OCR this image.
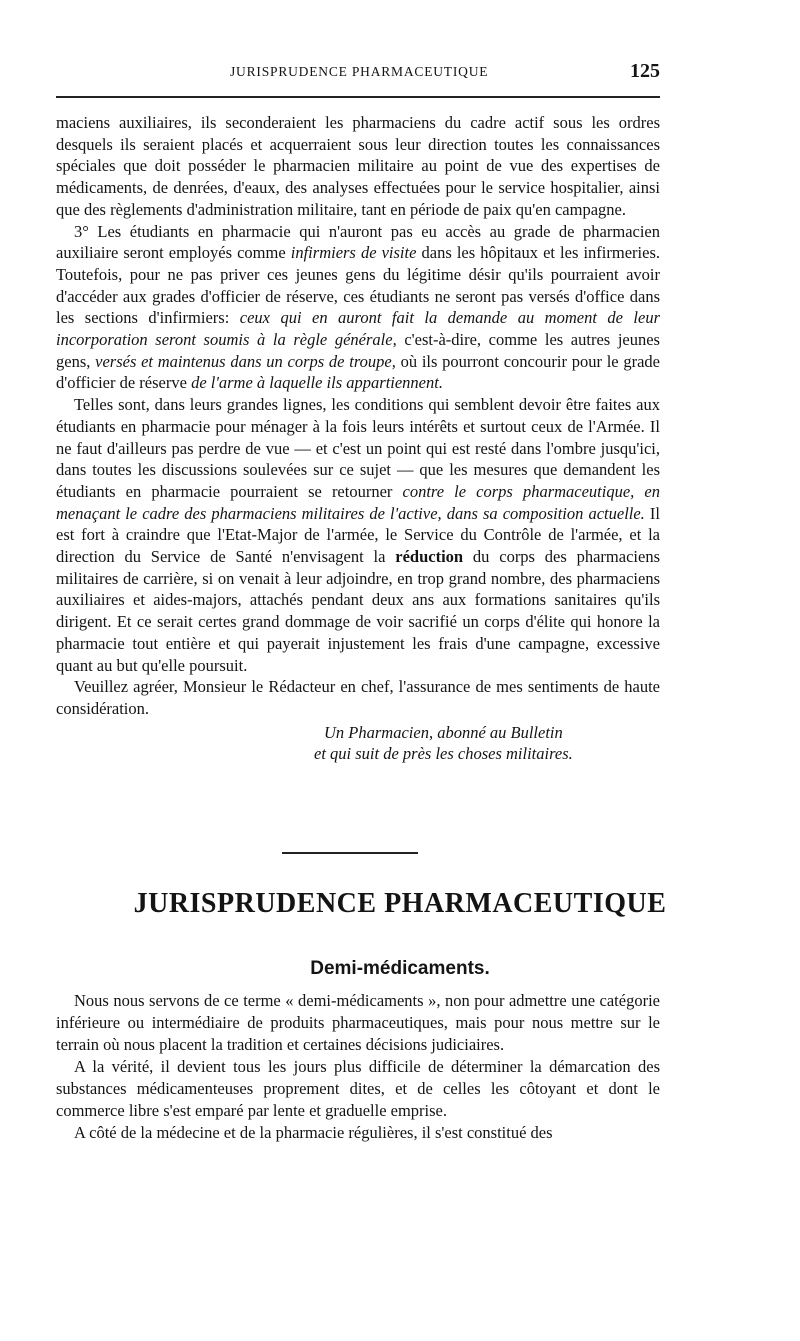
JURISPRUDENCE PHARMACEUTIQUE	125

maciens auxiliaires, ils seconderaient les pharmaciens du cadre actif sous les ordres desquels ils seraient placés et acquerraient sous leur direction toutes les connaissances spéciales que doit posséder le pharmacien militaire au point de vue des expertises de médicaments, de denrées, d'eaux, des analyses effectuées pour le service hospitalier, ainsi que des règlements d'administration militaire, tant en période de paix qu'en campagne.

3° Les étudiants en pharmacie qui n'auront pas eu accès au grade de pharmacien auxiliaire seront employés comme infirmiers de visite dans les hôpitaux et les infirmeries. Toutefois, pour ne pas priver ces jeunes gens du légitime désir qu'ils pourraient avoir d'accéder aux grades d'officier de réserve, ces étudiants ne seront pas versés d'office dans les sections d'infirmiers: ceux qui en auront fait la demande au moment de leur incorporation seront soumis à la règle générale, c'est-à-dire, comme les autres jeunes gens, versés et maintenus dans un corps de troupe, où ils pourront concourir pour le grade d'officier de réserve de l'arme à laquelle ils appartiennent.

Telles sont, dans leurs grandes lignes, les conditions qui semblent devoir être faites aux étudiants en pharmacie pour ménager à la fois leurs intérêts et surtout ceux de l'Armée. Il ne faut d'ailleurs pas perdre de vue — et c'est un point qui est resté dans l'ombre jusqu'ici, dans toutes les discussions soulevées sur ce sujet — que les mesures que demandent les étudiants en pharmacie pourraient se retourner contre le corps pharmaceutique, en menaçant le cadre des pharmaciens militaires de l'active, dans sa composition actuelle. Il est fort à craindre que l'Etat-Major de l'armée, le Service du Contrôle de l'armée, et la direction du Service de Santé n'envisagent la réduction du corps des pharmaciens militaires de carrière, si on venait à leur adjoindre, en trop grand nombre, des pharmaciens auxiliaires et aides-majors, attachés pendant deux ans aux formations sanitaires qu'ils dirigent. Et ce serait certes grand dommage de voir sacrifié un corps d'élite qui honore la pharmacie tout entière et qui payerait injustement les frais d'une campagne, excessive quant au but qu'elle poursuit.

Veuillez agréer, Monsieur le Rédacteur en chef, l'assurance de mes sentiments de haute considération.

Un Pharmacien, abonné au Bulletin
et qui suit de près les choses militaires.
JURISPRUDENCE PHARMACEUTIQUE
Demi-médicaments.

Nous nous servons de ce terme « demi-médicaments », non pour admettre une catégorie inférieure ou intermédiaire de produits pharmaceutiques, mais pour nous mettre sur le terrain où nous placent la tradition et certaines décisions judiciaires.

A la vérité, il devient tous les jours plus difficile de déterminer la démarcation des substances médicamenteuses proprement dites, et de celles les côtoyant et dont le commerce libre s'est emparé par lente et graduelle emprise.

A côté de la médecine et de la pharmacie régulières, il s'est constitué des
